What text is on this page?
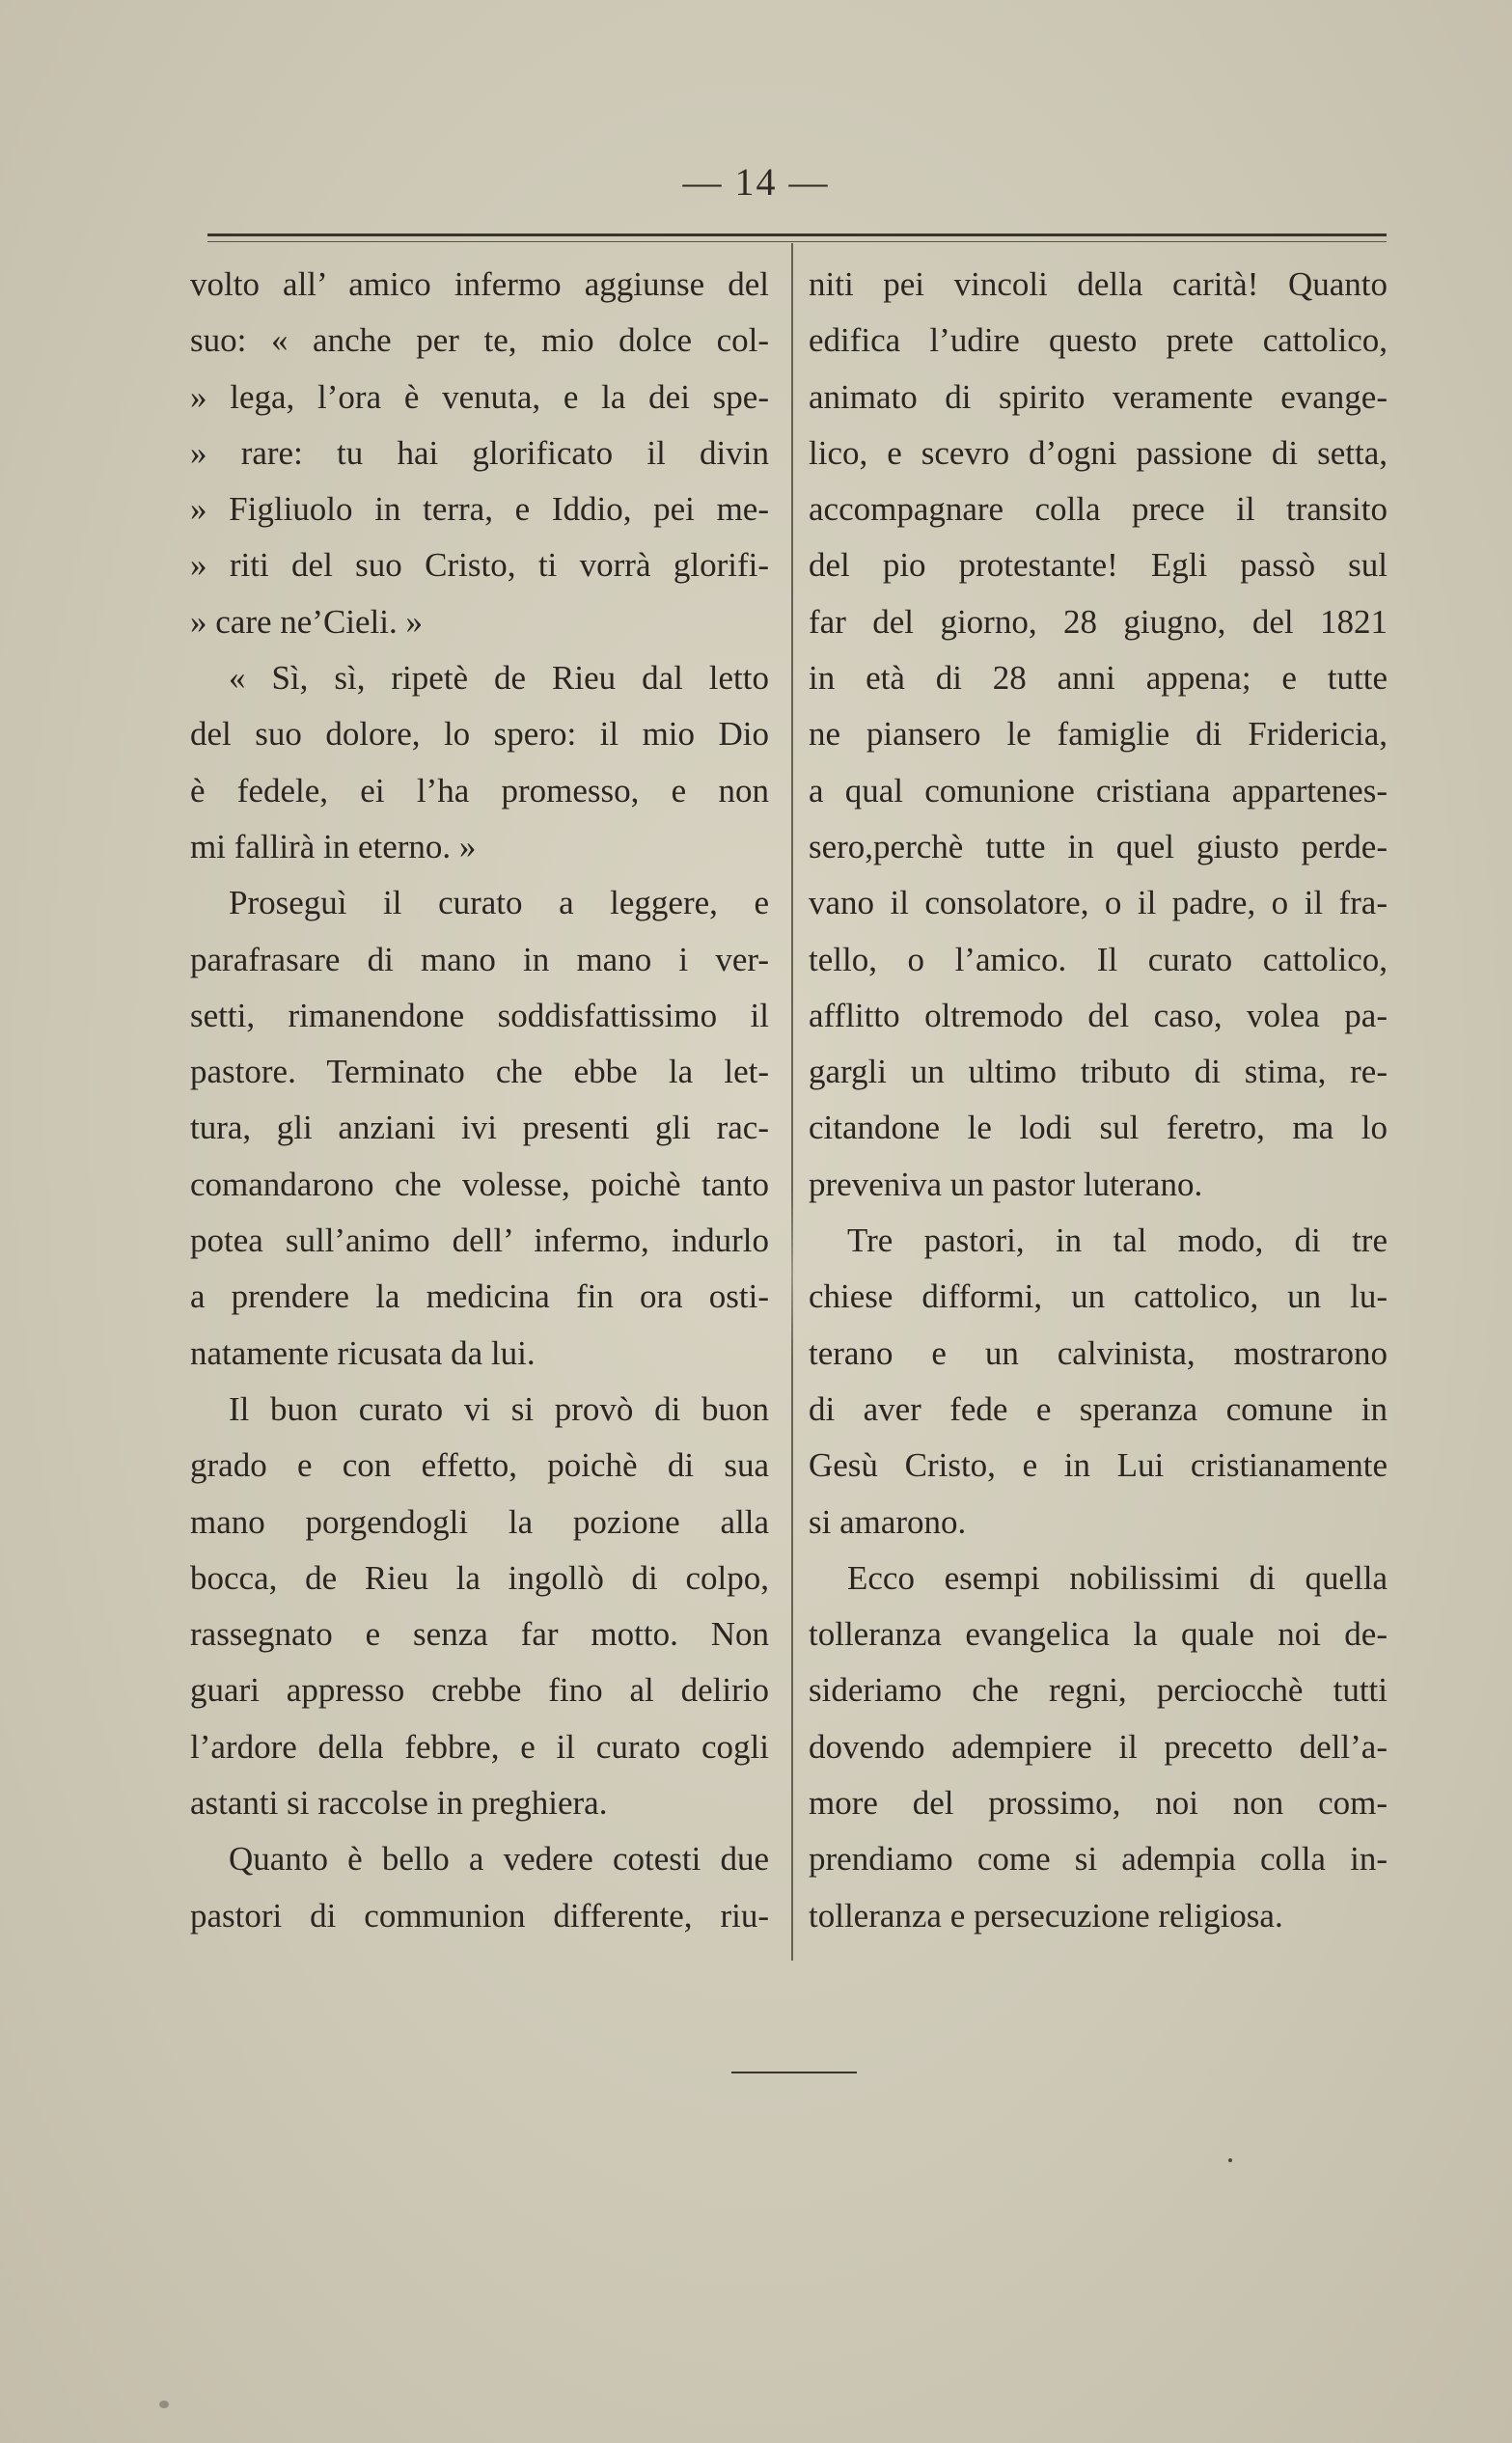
— 14 —
volto all’ amico infermo aggiunse del
suo: « anche per te, mio dolce col-
» lega, l’ora è venuta, e la dei spe-
» rare: tu hai glorificato il divin
» Figliuolo in terra, e Iddio, pei me-
» riti del suo Cristo, ti vorrà glorifi-
» care ne’Cieli. »
« Sì, sì, ripetè de Rieu dal letto
del suo dolore, lo spero: il mio Dio
è fedele, ei l’ha promesso, e non
mi fallirà in eterno. »
Proseguì il curato a leggere, e
parafrasare di mano in mano i ver-
setti, rimanendone soddisfattissimo il
pastore. Terminato che ebbe la let-
tura, gli anziani ivi presenti gli rac-
comandarono che volesse, poichè tanto
potea sull’animo dell’ infermo, indurlo
a prendere la medicina fin ora osti-
natamente ricusata da lui.
Il buon curato vi si provò di buon
grado e con effetto, poichè di sua
mano porgendogli la pozione alla
bocca, de Rieu la ingollò di colpo,
rassegnato e senza far motto. Non
guari appresso crebbe fino al delirio
l’ardore della febbre, e il curato cogli
astanti si raccolse in preghiera.
Quanto è bello a vedere cotesti due
pastori di communion differente, riu-
niti pei vincoli della carità! Quanto
edifica l’udire questo prete cattolico,
animato di spirito veramente evange-
lico, e scevro d’ogni passione di setta,
accompagnare colla prece il transito
del pio protestante! Egli passò sul
far del giorno, 28 giugno, del 1821
in età di 28 anni appena; e tutte
ne piansero le famiglie di Fridericia,
a qual comunione cristiana appartenes-
sero,perchè tutte in quel giusto perde-
vano il consolatore, o il padre, o il fra-
tello, o l’amico. Il curato cattolico,
afflitto oltremodo del caso, volea pa-
gargli un ultimo tributo di stima, re-
citandone le lodi sul feretro, ma lo
preveniva un pastor luterano.
Tre pastori, in tal modo, di tre
chiese difformi, un cattolico, un lu-
terano e un calvinista, mostrarono
di aver fede e speranza comune in
Gesù Cristo, e in Lui cristianamente
si amarono.
Ecco esempi nobilissimi di quella
tolleranza evangelica la quale noi de-
sideriamo che regni, perciocchè tutti
dovendo adempiere il precetto dell’a-
more del prossimo, noi non com-
prendiamo come si adempia colla in-
tolleranza e persecuzione religiosa.
